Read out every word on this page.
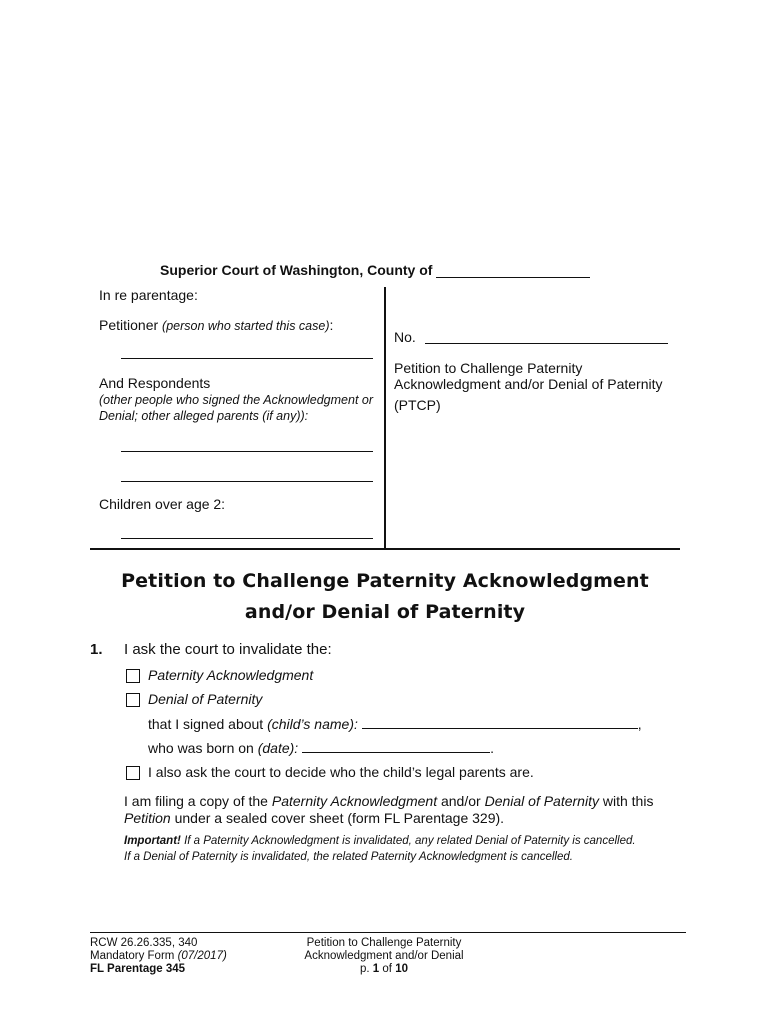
Superior Court of Washington, County of
In re parentage:
Petitioner (person who started this case):
And Respondents
(other people who signed the Acknowledgment or
Denial; other alleged parents (if any)):
Children over age 2:
No.
Petition to Challenge Paternity
Acknowledgment and/or Denial of Paternity
(PTCP)
Petition to Challenge Paternity Acknowledgment
and/or Denial of Paternity
1. I ask the court to invalidate the:
Paternity Acknowledgment
Denial of Paternity
that I signed about (child’s name):	,
who was born on (date):	.
I also ask the court to decide who the child’s legal parents are.
I am filing a copy of the Paternity Acknowledgment and/or Denial of Paternity with this
Petition under a sealed cover sheet (form FL Parentage 329).
Important! If a Paternity Acknowledgment is invalidated, any related Denial of Paternity is cancelled.
If a Denial of Paternity is invalidated, the related Paternity Acknowledgment is cancelled.
RCW 26.26.335, 340
Mandatory Form (07/2017)
FL Parentage 345
Petition to Challenge Paternity
Acknowledgment and/or Denial
p. 1 of 10
